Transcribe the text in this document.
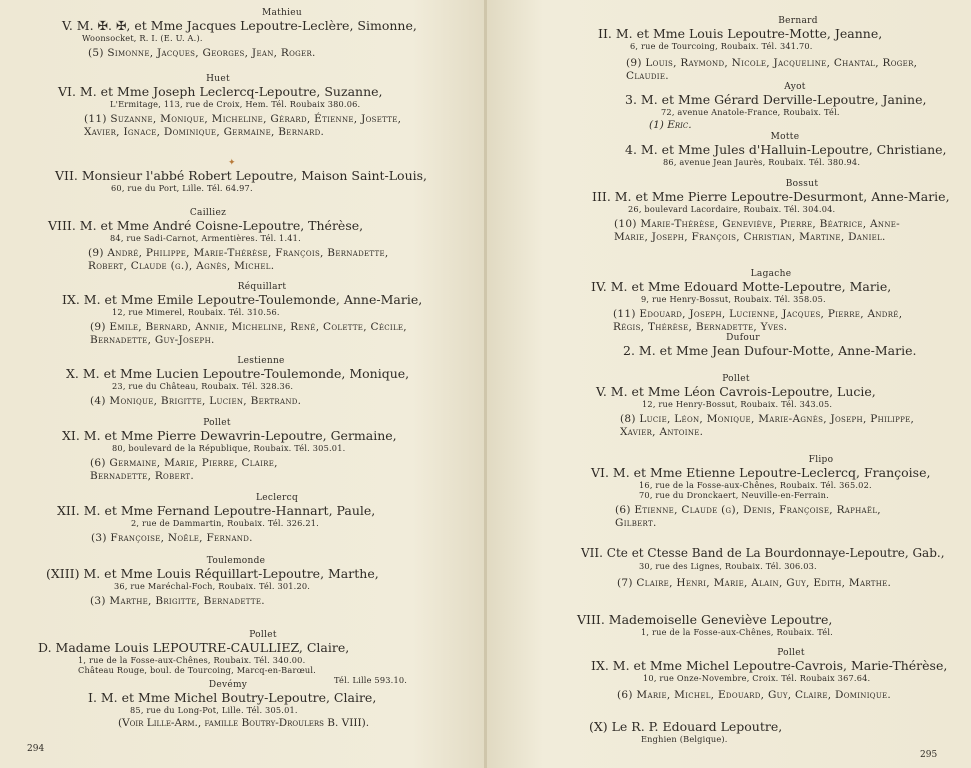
Mathieu
V. M. ✠. ✠, et Mme Jacques Lepoutre-Leclère, Simonne,
Woonsocket, R. I. (E. U. A.).
(5) Simonne, Jacques, Georges, Jean, Roger.
Huet
VI. M. et Mme Joseph Leclercq-Lepoutre, Suzanne,
L'Ermitage, 113, rue de Croix, Hem. Tél. Roubaix 380.06.
(11) Suzanne, Monique, Micheline, Gérard, Étienne, Josette, Xavier, Ignace, Dominique, Germaine, Bernard.
✦
VII. Monsieur l'abbé Robert Lepoutre, Maison Saint-Louis,
60, rue du Port, Lille. Tél. 64.97.
Cailliez
VIII. M. et Mme André Coisne-Lepoutre, Thérèse,
84, rue Sadi-Carnot, Armentières. Tél. 1.41.
(9) André, Philippe, Marie-Thérèse, François, Bernadette, Robert, Claude (g.), Agnès, Michel.
Réquillart
IX. M. et Mme Emile Lepoutre-Toulemonde, Anne-Marie,
12, rue Mimerel, Roubaix. Tél. 310.56.
(9) Emile, Bernard, Annie, Micheline, René, Colette, Cécile, Bernadette, Guy-Joseph.
Lestienne
X. M. et Mme Lucien Lepoutre-Toulemonde, Monique,
23, rue du Château, Roubaix. Tél. 328.36.
(4) Monique, Brigitte, Lucien, Bertrand.
Pollet
XI. M. et Mme Pierre Dewavrin-Lepoutre, Germaine,
80, boulevard de la République, Roubaix. Tél. 305.01.
(6) Germaine, Marie, Pierre, Claire, Bernadette, Robert.
Leclercq
XII. M. et Mme Fernand Lepoutre-Hannart, Paule,
2, rue de Dammartin, Roubaix. Tél. 326.21.
(3) Françoise, Noële, Fernand.
Toulemonde
(XIII) M. et Mme Louis Réquillart-Lepoutre, Marthe,
36, rue Maréchal-Foch, Roubaix. Tél. 301.20.
(3) Marthe, Brigitte, Bernadette.
Pollet
D. Madame Louis LEPOUTRE-CAULLIEZ, Claire,
1, rue de la Fosse-aux-Chênes, Roubaix. Tél. 340.00.
Château Rouge, boul. de Tourcoing, Marcq-en-Barœul.
Tél. Lille 593.10.
Devémy
I. M. et Mme Michel Boutry-Lepoutre, Claire,
85, rue du Long-Pot, Lille. Tél. 305.01.
(Voir Lille-Arm., famille Boutry-Droulers B. VIII).
294
Bernard
II. M. et Mme Louis Lepoutre-Motte, Jeanne,
6, rue de Tourcoing, Roubaix. Tél. 341.70.
(9) Louis, Raymond, Nicole, Jacqueline, Chantal, Roger, Claudie.
Ayot
3. M. et Mme Gérard Derville-Lepoutre, Janine,
72, avenue Anatole-France, Roubaix. Tél.
(1) Eric.
Motte
4. M. et Mme Jules d'Halluin-Lepoutre, Christiane,
86, avenue Jean Jaurès, Roubaix. Tél. 380.94.
Bossut
III. M. et Mme Pierre Lepoutre-Desurmont, Anne-Marie,
26, boulevard Lacordaire, Roubaix. Tél. 304.04.
(10) Marie-Thérèse, Geneviève, Pierre, Béatrice, Anne-Marie, Joseph, François, Christian, Martine, Daniel.
Lagache
IV. M. et Mme Edouard Motte-Lepoutre, Marie,
9, rue Henry-Bossut, Roubaix. Tél. 358.05.
(11) Edouard, Joseph, Lucienne, Jacques, Pierre, André, Régis, Thérèse, Bernadette, Yves.
Dufour
2. M. et Mme Jean Dufour-Motte, Anne-Marie.
Pollet
V. M. et Mme Léon Cavrois-Lepoutre, Lucie,
12, rue Henry-Bossut, Roubaix. Tél. 343.05.
(8) Lucie, Léon, Monique, Marie-Agnès, Joseph, Philippe, Xavier, Antoine.
Flipo
VI. M. et Mme Etienne Lepoutre-Leclercq, Françoise,
16, rue de la Fosse-aux-Chênes, Roubaix. Tél. 365.02.
70, rue du Dronckaert, Neuville-en-Ferrain.
(6) Etienne, Claude (g), Denis, Françoise, Raphaël, Gilbert.
VII. Cte et Ctesse Band de La Bourdonnaye-Lepoutre, Gab.,
30, rue des Lignes, Roubaix. Tél. 306.03.
(7) Claire, Henri, Marie, Alain, Guy, Edith, Marthe.
VIII. Mademoiselle Geneviève Lepoutre,
1, rue de la Fosse-aux-Chênes, Roubaix. Tél.
Pollet
IX. M. et Mme Michel Lepoutre-Cavrois, Marie-Thérèse,
10, rue Onze-Novembre, Croix. Tél. Roubaix 367.64.
(6) Marie, Michel, Edouard, Guy, Claire, Dominique.
(X) Le R. P. Edouard Lepoutre,
Enghien (Belgique).
295
